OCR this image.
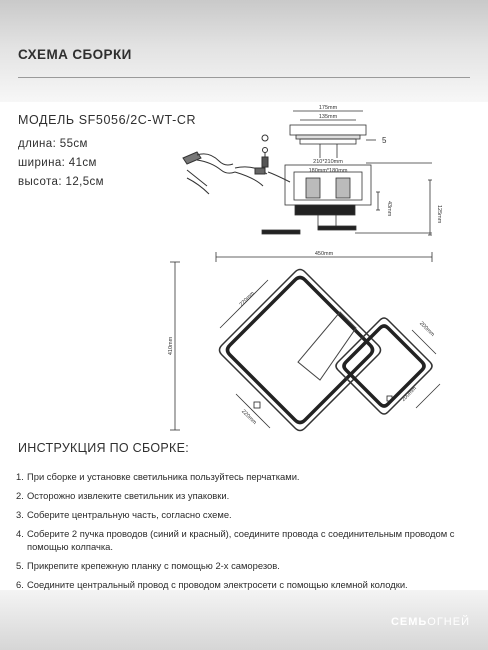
СХЕМА СБОРКИ
МОДЕЛЬ SF5056/2C-WT-CR
длина: 55см
ширина: 41см
высота: 12,5см
175mm
135mm
5
210*210mm
180mm*180mm
43mm	125mm
450mm
410mm
220mm
220mm
200mm
200mm
ИНСТРУКЦИЯ ПО СБОРКЕ:
1. При сборке и установке светильника пользуйтесь перчатками.
2. Осторожно извлеките светильник из упаковки.
3. Соберите центральную часть, согласно схеме.
4. Соберите 2 пучка проводов (синий и красный), соедините провода с соединительным проводом с помощью колпачка.
5. Прикрепите крепежную планку с помощью 2-х саморезов.
6. Соедините центральный провод с проводом электросети с помощью клемной колодки.
СЕМЬОГНЕЙ
